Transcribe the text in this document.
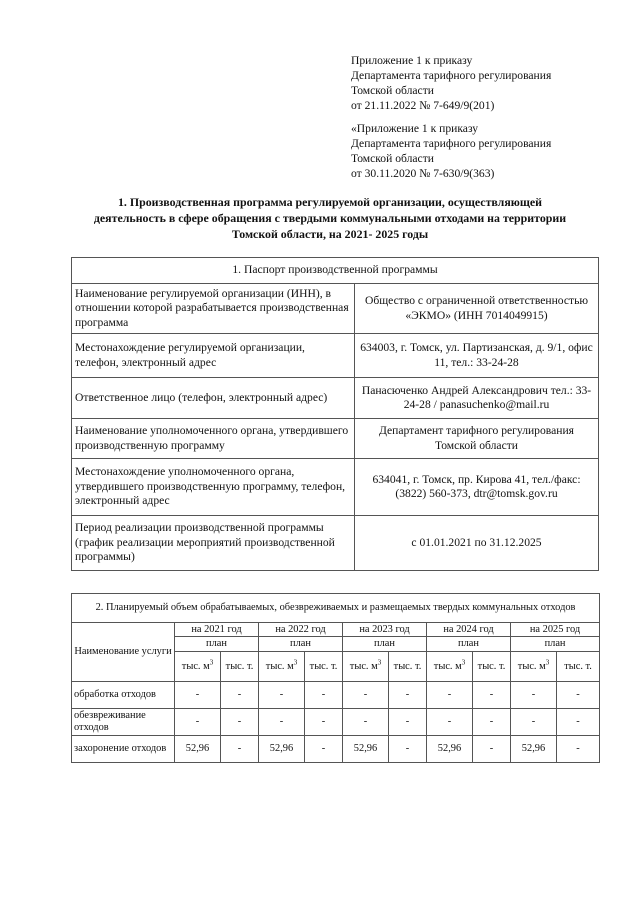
Приложение 1 к приказу
Департамента тарифного регулирования
Томской области
от 21.11.2022 № 7-649/9(201)
«Приложение 1 к приказу
Департамента тарифного регулирования
Томской области
от 30.11.2020 № 7-630/9(363)
1. Производственная программа регулируемой организации, осуществляющей
деятельность в сфере обращения с твердыми коммунальными отходами на территории
Томской области, на 2021- 2025 годы
1. Паспорт производственной программы	
Наименование регулируемой организации (ИНН), в отношении которой разрабатывается производственная программа	Общество с ограниченной ответственностью «ЭКМО» (ИНН 7014049915)
Местонахождение регулируемой организации, телефон, электронный адрес	634003, г. Томск, ул. Партизанская, д. 9/1, офис 11, тел.: 33-24-28
Ответственное лицо (телефон, электронный адрес)	Панасюченко Андрей Александрович тел.: 33-24-28 / panasuchenko@mail.ru
Наименование уполномоченного органа, утвердившего производственную программу	Департамент тарифного регулирования Томской области
Местонахождение уполномоченного органа, утвердившего производственную программу, телефон, электронный адрес	634041, г. Томск, пр. Кирова 41, тел./факс: (3822) 560-373, dtr@tomsk.gov.ru
Период реализации производственной программы (график реализации мероприятий производственной программы)	с 01.01.2021 по 31.12.2025
2. Планируемый объем обрабатываемых, обезвреживаемых и размещаемых твердых коммунальных отходов										
Наименование услуги	на 2021 год		на 2022 год		на 2023 год		на 2024 год		на 2025 год	
	план		план		план		план		план	
	тыс. $м^3$	тыс. т.	тыс. $м^3$	тыс. т.	тыс. $м^3$	тыс. т.	тыс. $м^3$	тыс. т.	тыс. $м^3$	тыс. т.
обработка отходов	-	-	-	-	-	-	-	-	-	-
обезвреживание отходов	-	-	-	-	-	-	-	-	-	-
захоронение отходов	52,96	-	52,96	-	52,96	-	52,96	-	52,96	-
